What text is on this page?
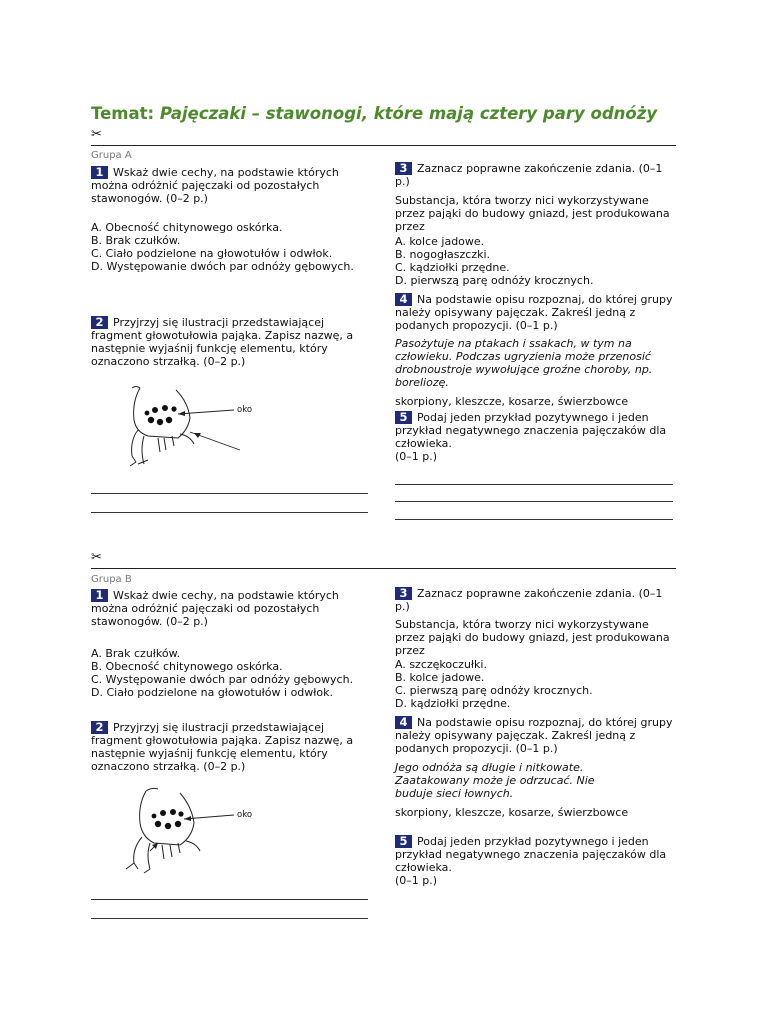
Temat: Pajęczaki – stawonogi, które mają cztery pary odnóży
✂
Grupa A
1 Wskaż dwie cechy, na podstawie których można odróżnić pajęczaki od pozostałych stawonogów. (0–2 p.)
A. Obecność chitynowego oskórka.
B. Brak czułków.
C. Ciało podzielone na głowotułów i odwłok.
D. Występowanie dwóch par odnóży gębowych.
2 Przyjrzyj się ilustracji przedstawiającej fragment głowotułowia pająka. Zapisz nazwę, a następnie wyjaśnij funkcję elementu, który oznaczono strzałką. (0–2 p.)
oko
3 Zaznacz poprawne zakończenie zdania. (0–1 p.)
Substancja, która tworzy nici wykorzystywane przez pająki do budowy gniazd, jest produkowana przez
A. kolce jadowe.
B. nogogłaszczki.
C. kądziołki przędne.
D. pierwszą parę odnóży krocznych.
4 Na podstawie opisu rozpoznaj, do której grupy należy opisywany pajęczak. Zakreśl jedną z podanych propozycji. (0–1 p.)
Pasożytuje na ptakach i ssakach, w tym na człowieku. Podczas ugryzienia może przenosić drobnoustroje wywołujące groźne choroby, np. boreliozę.
skorpiony, kleszcze, kosarze, świerzbowce
5 Podaj jeden przykład pozytywnego i jeden przykład negatywnego znaczenia pajęczaków dla człowieka.
(0–1 p.)
✂
Grupa B
1 Wskaż dwie cechy, na podstawie których można odróżnić pajęczaki od pozostałych stawonogów. (0–2 p.)
A. Brak czułków.
B. Obecność chitynowego oskórka.
C. Występowanie dwóch par odnóży gębowych.
D. Ciało podzielone na głowotułów i odwłok.
2 Przyjrzyj się ilustracji przedstawiającej fragment głowotułowia pająka. Zapisz nazwę, a następnie wyjaśnij funkcję elementu, który oznaczono strzałką. (0–2 p.)
oko
3 Zaznacz poprawne zakończenie zdania. (0–1 p.)
Substancja, która tworzy nici wykorzystywane przez pająki do budowy gniazd, jest produkowana przez
A. szczękoczułki.
B. kolce jadowe.
C. pierwszą parę odnóży krocznych.
D. kądziołki przędne.
4 Na podstawie opisu rozpoznaj, do której grupy należy opisywany pajęczak. Zakreśl jedną z podanych propozycji. (0–1 p.)
Jego odnóża są długie i nitkowate. Zaatakowany może je odrzucać. Nie buduje sieci łownych.
skorpiony, kleszcze, kosarze, świerzbowce
5 Podaj jeden przykład pozytywnego i jeden przykład negatywnego znaczenia pajęczaków dla człowieka.
(0–1 p.)
